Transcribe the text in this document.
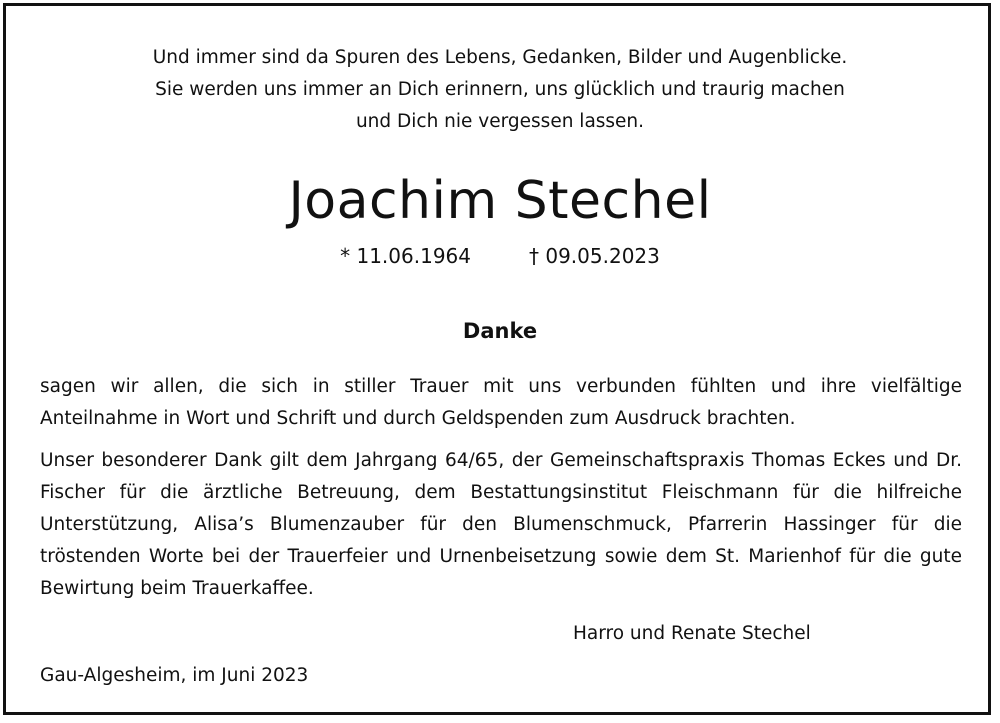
Und immer sind da Spuren des Lebens, Gedanken, Bilder und Augenblicke.
Sie werden uns immer an Dich erinnern, uns glücklich und traurig machen
und Dich nie vergessen lassen.
Joachim Stechel
* 11.06.1964	† 09.05.2023
Danke
sagen wir allen, die sich in stiller Trauer mit uns verbunden fühlten und ihre vielfältige Anteilnahme in Wort und Schrift und durch Geldspenden zum Ausdruck brachten.
Unser besonderer Dank gilt dem Jahrgang 64/65, der Gemeinschaftspraxis Thomas Eckes und Dr. Fischer für die ärztliche Betreuung, dem Bestattungsinstitut Fleischmann für die hilfreiche Unterstützung, Alisa’s Blumenzauber für den Blumenschmuck, Pfarrerin Hassinger für die tröstenden Worte bei der Trauerfeier und Urnenbeisetzung sowie dem St. Marienhof für die gute Bewirtung beim Trauerkaffee.
Harro und Renate Stechel
Gau-Algesheim, im Juni 2023
